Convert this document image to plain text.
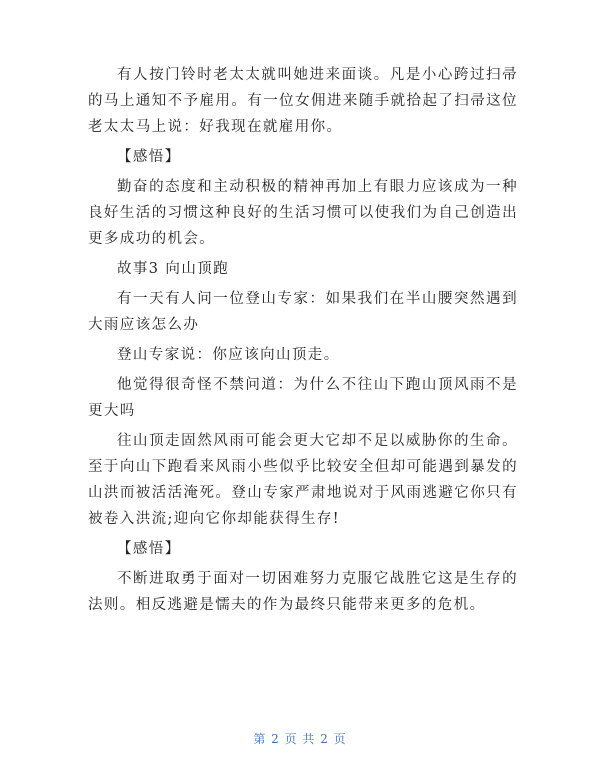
有人按门铃时老太太就叫她进来面谈。凡是小心跨过扫帚的马上通知不予雇用。有一位女佣进来随手就拾起了扫帚这位老太太马上说：好我现在就雇用你。

【感悟】

勤奋的态度和主动积极的精神再加上有眼力应该成为一种良好生活的习惯这种良好的生活习惯可以使我们为自己创造出更多成功的机会。

故事3 向山顶跑

有一天有人问一位登山专家：如果我们在半山腰突然遇到大雨应该怎么办

登山专家说：你应该向山顶走。

他觉得很奇怪不禁问道：为什么不往山下跑山顶风雨不是更大吗

往山顶走固然风雨可能会更大它却不足以威胁你的生命。至于向山下跑看来风雨小些似乎比较安全但却可能遇到暴发的山洪而被活活淹死。登山专家严肃地说对于风雨逃避它你只有被卷入洪流;迎向它你却能获得生存!

【感悟】

不断进取勇于面对一切困难努力克服它战胜它这是生存的法则。相反逃避是懦夫的作为最终只能带来更多的危机。

第 2 页 共 2 页
